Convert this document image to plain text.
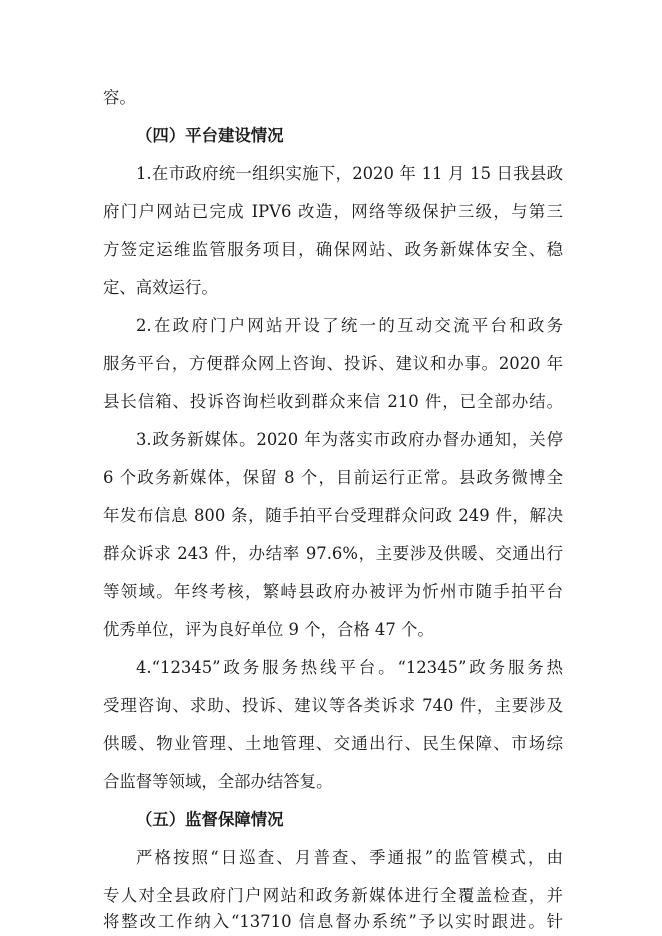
容。
（四）平台建设情况
1.在市政府统一组织实施下，2020 年 11 月 15 日我县政
府门户网站已完成 IPV6 改造，网络等级保护三级，与第三
方签定运维监管服务项目，确保网站、政务新媒体安全、稳
定、高效运行。
2.在政府门户网站开设了统一的互动交流平台和政务
服务平台，方便群众网上咨询、投诉、建议和办事。2020 年
县长信箱、投诉咨询栏收到群众来信 210 件，已全部办结。
3.政务新媒体。2020 年为落实市政府办督办通知，关停
6 个政务新媒体，保留 8 个，目前运行正常。县政务微博全
年发布信息 800 条，随手拍平台受理群众问政 249 件，解决
群众诉求 243 件，办结率 97.6%，主要涉及供暖、交通出行
等领域。年终考核，繁峙县政府办被评为忻州市随手拍平台
优秀单位，评为良好单位 9 个，合格 47 个。
4.“12345”政务服务热线平台。“12345”政务服务热
受理咨询、求助、投诉、建议等各类诉求 740 件，主要涉及
供暖、物业管理、土地管理、交通出行、民生保障、市场综
合监督等领域，全部办结答复。
（五）监督保障情况
严格按照“日巡查、月普查、季通报”的监管模式，由
专人对全县政府门户网站和政务新媒体进行全覆盖检查，并
将整改工作纳入“13710 信息督办系统”予以实时跟进。针
